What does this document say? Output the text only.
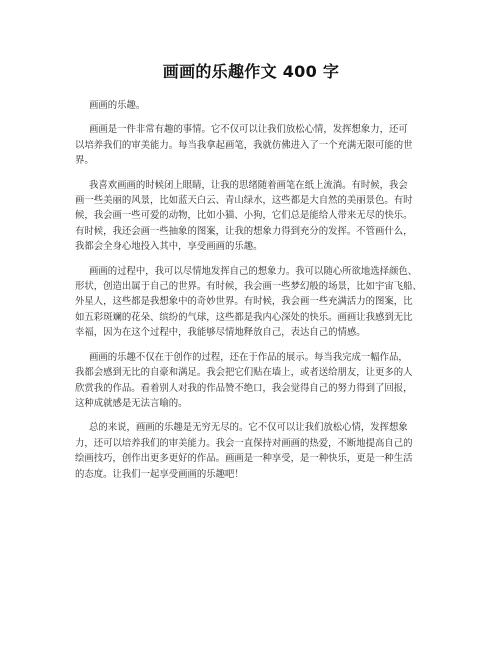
画画的乐趣作文 400 字

画画的乐趣。

画画是一件非常有趣的事情。它不仅可以让我们放松心情，发挥想象力，还可
以培养我们的审美能力。每当我拿起画笔，我就仿佛进入了一个充满无限可能的世
界。

我喜欢画画的时候闭上眼睛，让我的思绪随着画笔在纸上流淌。有时候，我会
画一些美丽的风景，比如蓝天白云、青山绿水，这些都是大自然的美丽景色。有时
候，我会画一些可爱的动物，比如小猫、小狗，它们总是能给人带来无尽的快乐。
有时候，我还会画一些抽象的图案，让我的想象力得到充分的发挥。不管画什么，
我都会全身心地投入其中，享受画画的乐趣。

画画的过程中，我可以尽情地发挥自己的想象力。我可以随心所欲地选择颜色、
形状，创造出属于自己的世界。有时候，我会画一些梦幻般的场景，比如宇宙飞船、
外星人，这些都是我想象中的奇妙世界。有时候，我会画一些充满活力的图案，比
如五彩斑斓的花朵、缤纷的气球，这些都是我内心深处的快乐。画画让我感到无比
幸福，因为在这个过程中，我能够尽情地释放自己，表达自己的情感。

画画的乐趣不仅在于创作的过程，还在于作品的展示。每当我完成一幅作品，
我都会感到无比的自豪和满足。我会把它们贴在墙上，或者送给朋友，让更多的人
欣赏我的作品。看着别人对我的作品赞不绝口，我会觉得自己的努力得到了回报，
这种成就感是无法言喻的。

总的来说，画画的乐趣是无穷无尽的。它不仅可以让我们放松心情，发挥想象
力，还可以培养我们的审美能力。我会一直保持对画画的热爱，不断地提高自己的
绘画技巧，创作出更多更好的作品。画画是一种享受，是一种快乐，更是一种生活
的态度。让我们一起享受画画的乐趣吧！
